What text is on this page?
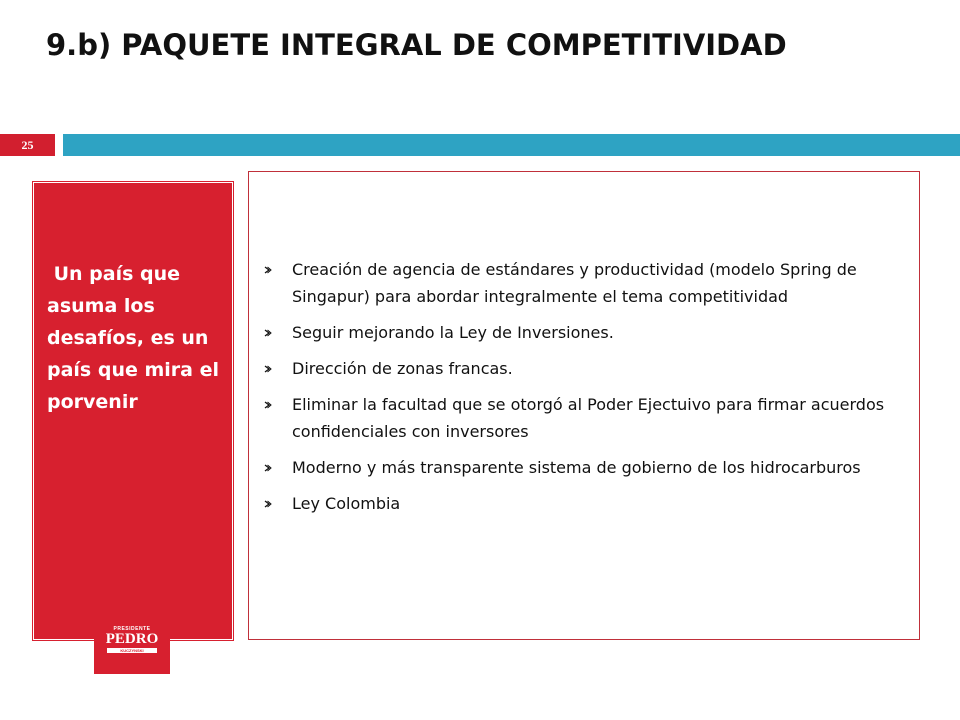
9.b) PAQUETE INTEGRAL DE COMPETITIVIDAD
25
Un país que asuma los desafíos, es un país que mira el porvenir
PRESIDENTE
PEDRO
KUCZYNSKI
Creación de agencia de estándares y productividad (modelo Spring de Singapur) para abordar integralmente el tema competitividad
Seguir mejorando la Ley de Inversiones.
Dirección de zonas francas.
Eliminar la facultad que se otorgó al Poder Ejectuivo para firmar acuerdos confidenciales con inversores
Moderno y más transparente sistema de gobierno de los hidrocarburos
Ley Colombia
